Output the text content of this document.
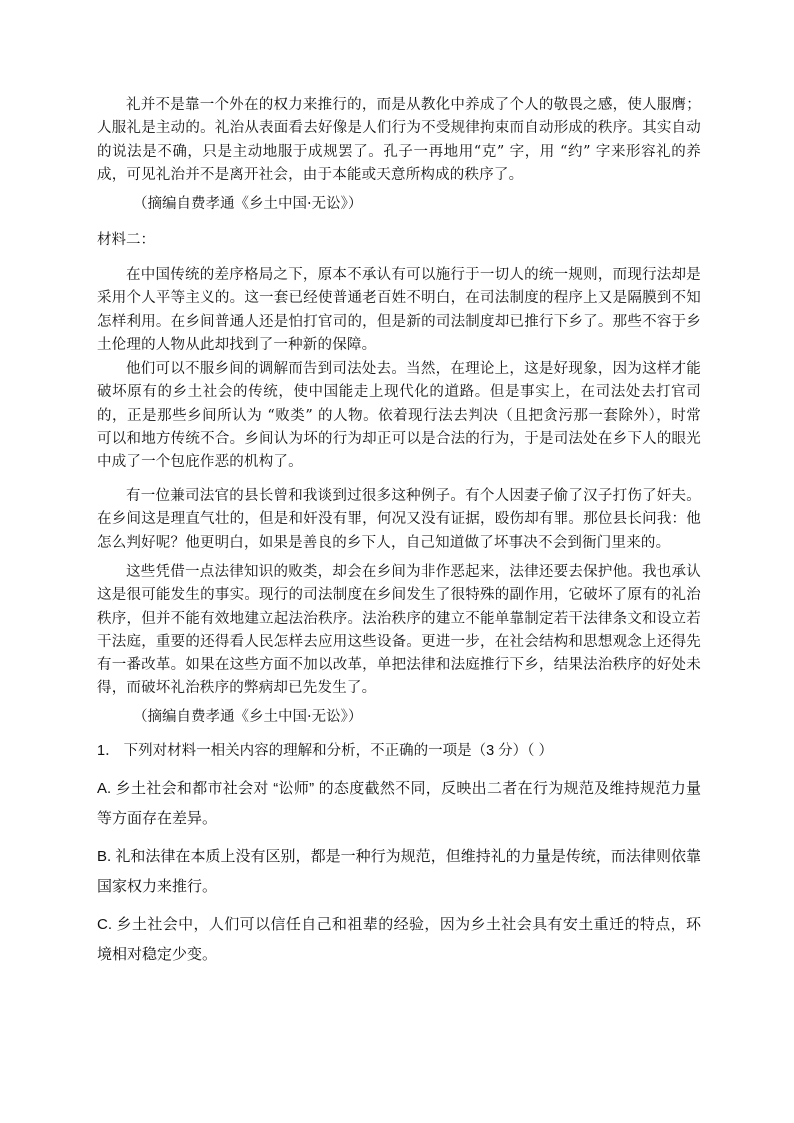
礼并不是靠一个外在的权力来推行的，而是从教化中养成了个人的敬畏之感，使人服膺；人服礼是主动的。礼治从表面看去好像是人们行为不受规律拘束而自动形成的秩序。其实自动的说法是不确，只是主动地服于成规罢了。孔子一再地用“克” 字，用 “约” 字来形容礼的养成，可见礼治并不是离开社会，由于本能或天意所构成的秩序了。

（摘编自费孝通《乡土中国·无讼》）

材料二：

在中国传统的差序格局之下，原本不承认有可以施行于一切人的统一规则，而现行法却是采用个人平等主义的。这一套已经使普通老百姓不明白，在司法制度的程序上又是隔膜到不知怎样利用。在乡间普通人还是怕打官司的，但是新的司法制度却已推行下乡了。那些不容于乡土伦理的人物从此却找到了一种新的保障。

他们可以不服乡间的调解而告到司法处去。当然，在理论上，这是好现象，因为这样才能破坏原有的乡土社会的传统，使中国能走上现代化的道路。但是事实上，在司法处去打官司的，正是那些乡间所认为 “败类” 的人物。依着现行法去判决（且把贪污那一套除外），时常可以和地方传统不合。乡间认为坏的行为却正可以是合法的行为，于是司法处在乡下人的眼光中成了一个包庇作恶的机构了。

有一位兼司法官的县长曾和我谈到过很多这种例子。有个人因妻子偷了汉子打伤了奸夫。在乡间这是理直气壮的，但是和奸没有罪，何况又没有证据，殴伤却有罪。那位县长问我：他怎么判好呢？他更明白，如果是善良的乡下人，自己知道做了坏事决不会到衙门里来的。

这些凭借一点法律知识的败类，却会在乡间为非作恶起来，法律还要去保护他。我也承认这是很可能发生的事实。现行的司法制度在乡间发生了很特殊的副作用，它破坏了原有的礼治秩序，但并不能有效地建立起法治秩序。法治秩序的建立不能单靠制定若干法律条文和设立若干法庭，重要的还得看人民怎样去应用这些设备。更进一步，在社会结构和思想观念上还得先有一番改革。如果在这些方面不加以改革，单把法律和法庭推行下乡，结果法治秩序的好处未得，而破坏礼治秩序的弊病却已先发生了。

（摘编自费孝通《乡土中国·无讼》）

1． 下列对材料一相关内容的理解和分析，不正确的一项是（3 分）（ ）

A. 乡土社会和都市社会对 “讼师” 的态度截然不同，反映出二者在行为规范及维持规范力量等方面存在差异。

B. 礼和法律在本质上没有区别，都是一种行为规范，但维持礼的力量是传统，而法律则依靠国家权力来推行。

C. 乡土社会中，人们可以信任自己和祖辈的经验，因为乡土社会具有安土重迁的特点，环境相对稳定少变。
